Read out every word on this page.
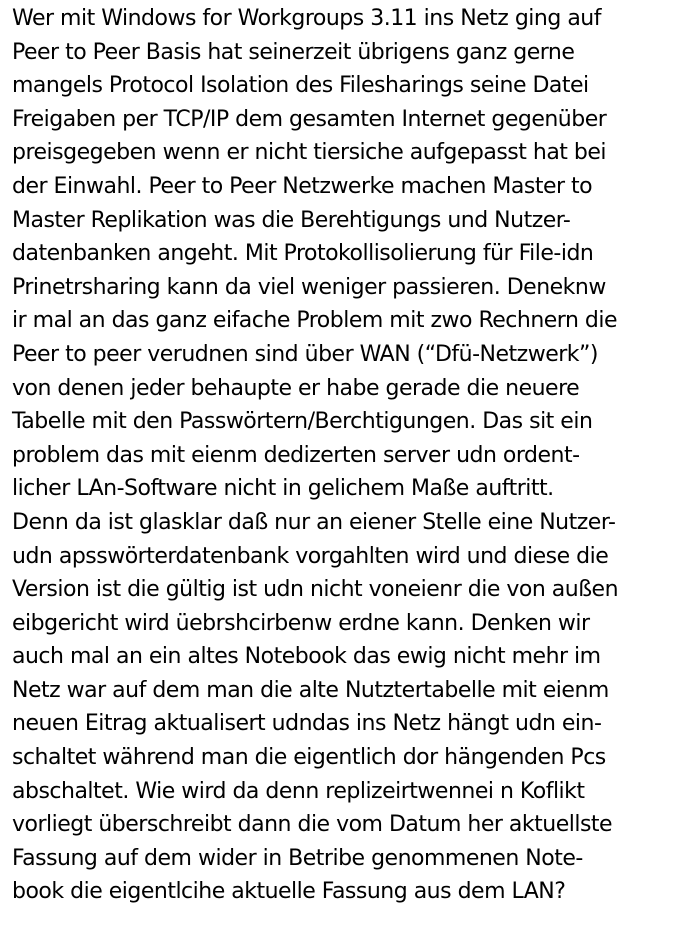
Wer mit Windows for Workgroups 3.11 ins Netz ging auf
Peer to Peer Basis hat seinerzeit übrigens ganz gerne
mangels Protocol Isolation des Filesharings seine Datei
Freigaben per TCP/IP dem gesamten Internet gegenüber
preisgegeben wenn er nicht tiersiche aufgepasst hat bei
der Einwahl. Peer to Peer Netzwerke machen Master to
Master Replikation was die Berehtigungs und Nutzer-
datenbanken angeht. Mit Protokollisolierung für File-idn
Prinetrsharing kann da viel weniger passieren. Deneknw
ir mal an das ganz eifache Problem mit zwo Rechnern die
Peer to peer verudnen sind über WAN (“Dfü-Netzwerk”)
von denen jeder behaupte er habe gerade die neuere
Tabelle mit den Passwörtern/Berchtigungen. Das sit ein
problem das mit eienm dedizerten server udn ordent-
licher LAn-Software nicht in gelichem Maße auftritt.
Denn da ist glasklar daß nur an eiener Stelle eine Nutzer-
udn apsswörterdatenbank vorgahlten wird und diese die
Version ist die gültig ist udn nicht voneienr die von außen
eibgericht wird üebrshcirbenw erdne kann. Denken wir
auch mal an ein altes Notebook das ewig nicht mehr im
Netz war auf dem man die alte Nutztertabelle mit eienm
neuen Eitrag aktualisert udndas ins Netz hängt udn ein-
schaltet während man die eigentlich dor hängenden Pcs
abschaltet. Wie wird da denn replizeirtwennei n Koflikt
vorliegt überschreibt dann die vom Datum her aktuellste
Fassung auf dem wider in Betribe genommenen Note-
book die eigentlcihe aktuelle Fassung aus dem LAN?
